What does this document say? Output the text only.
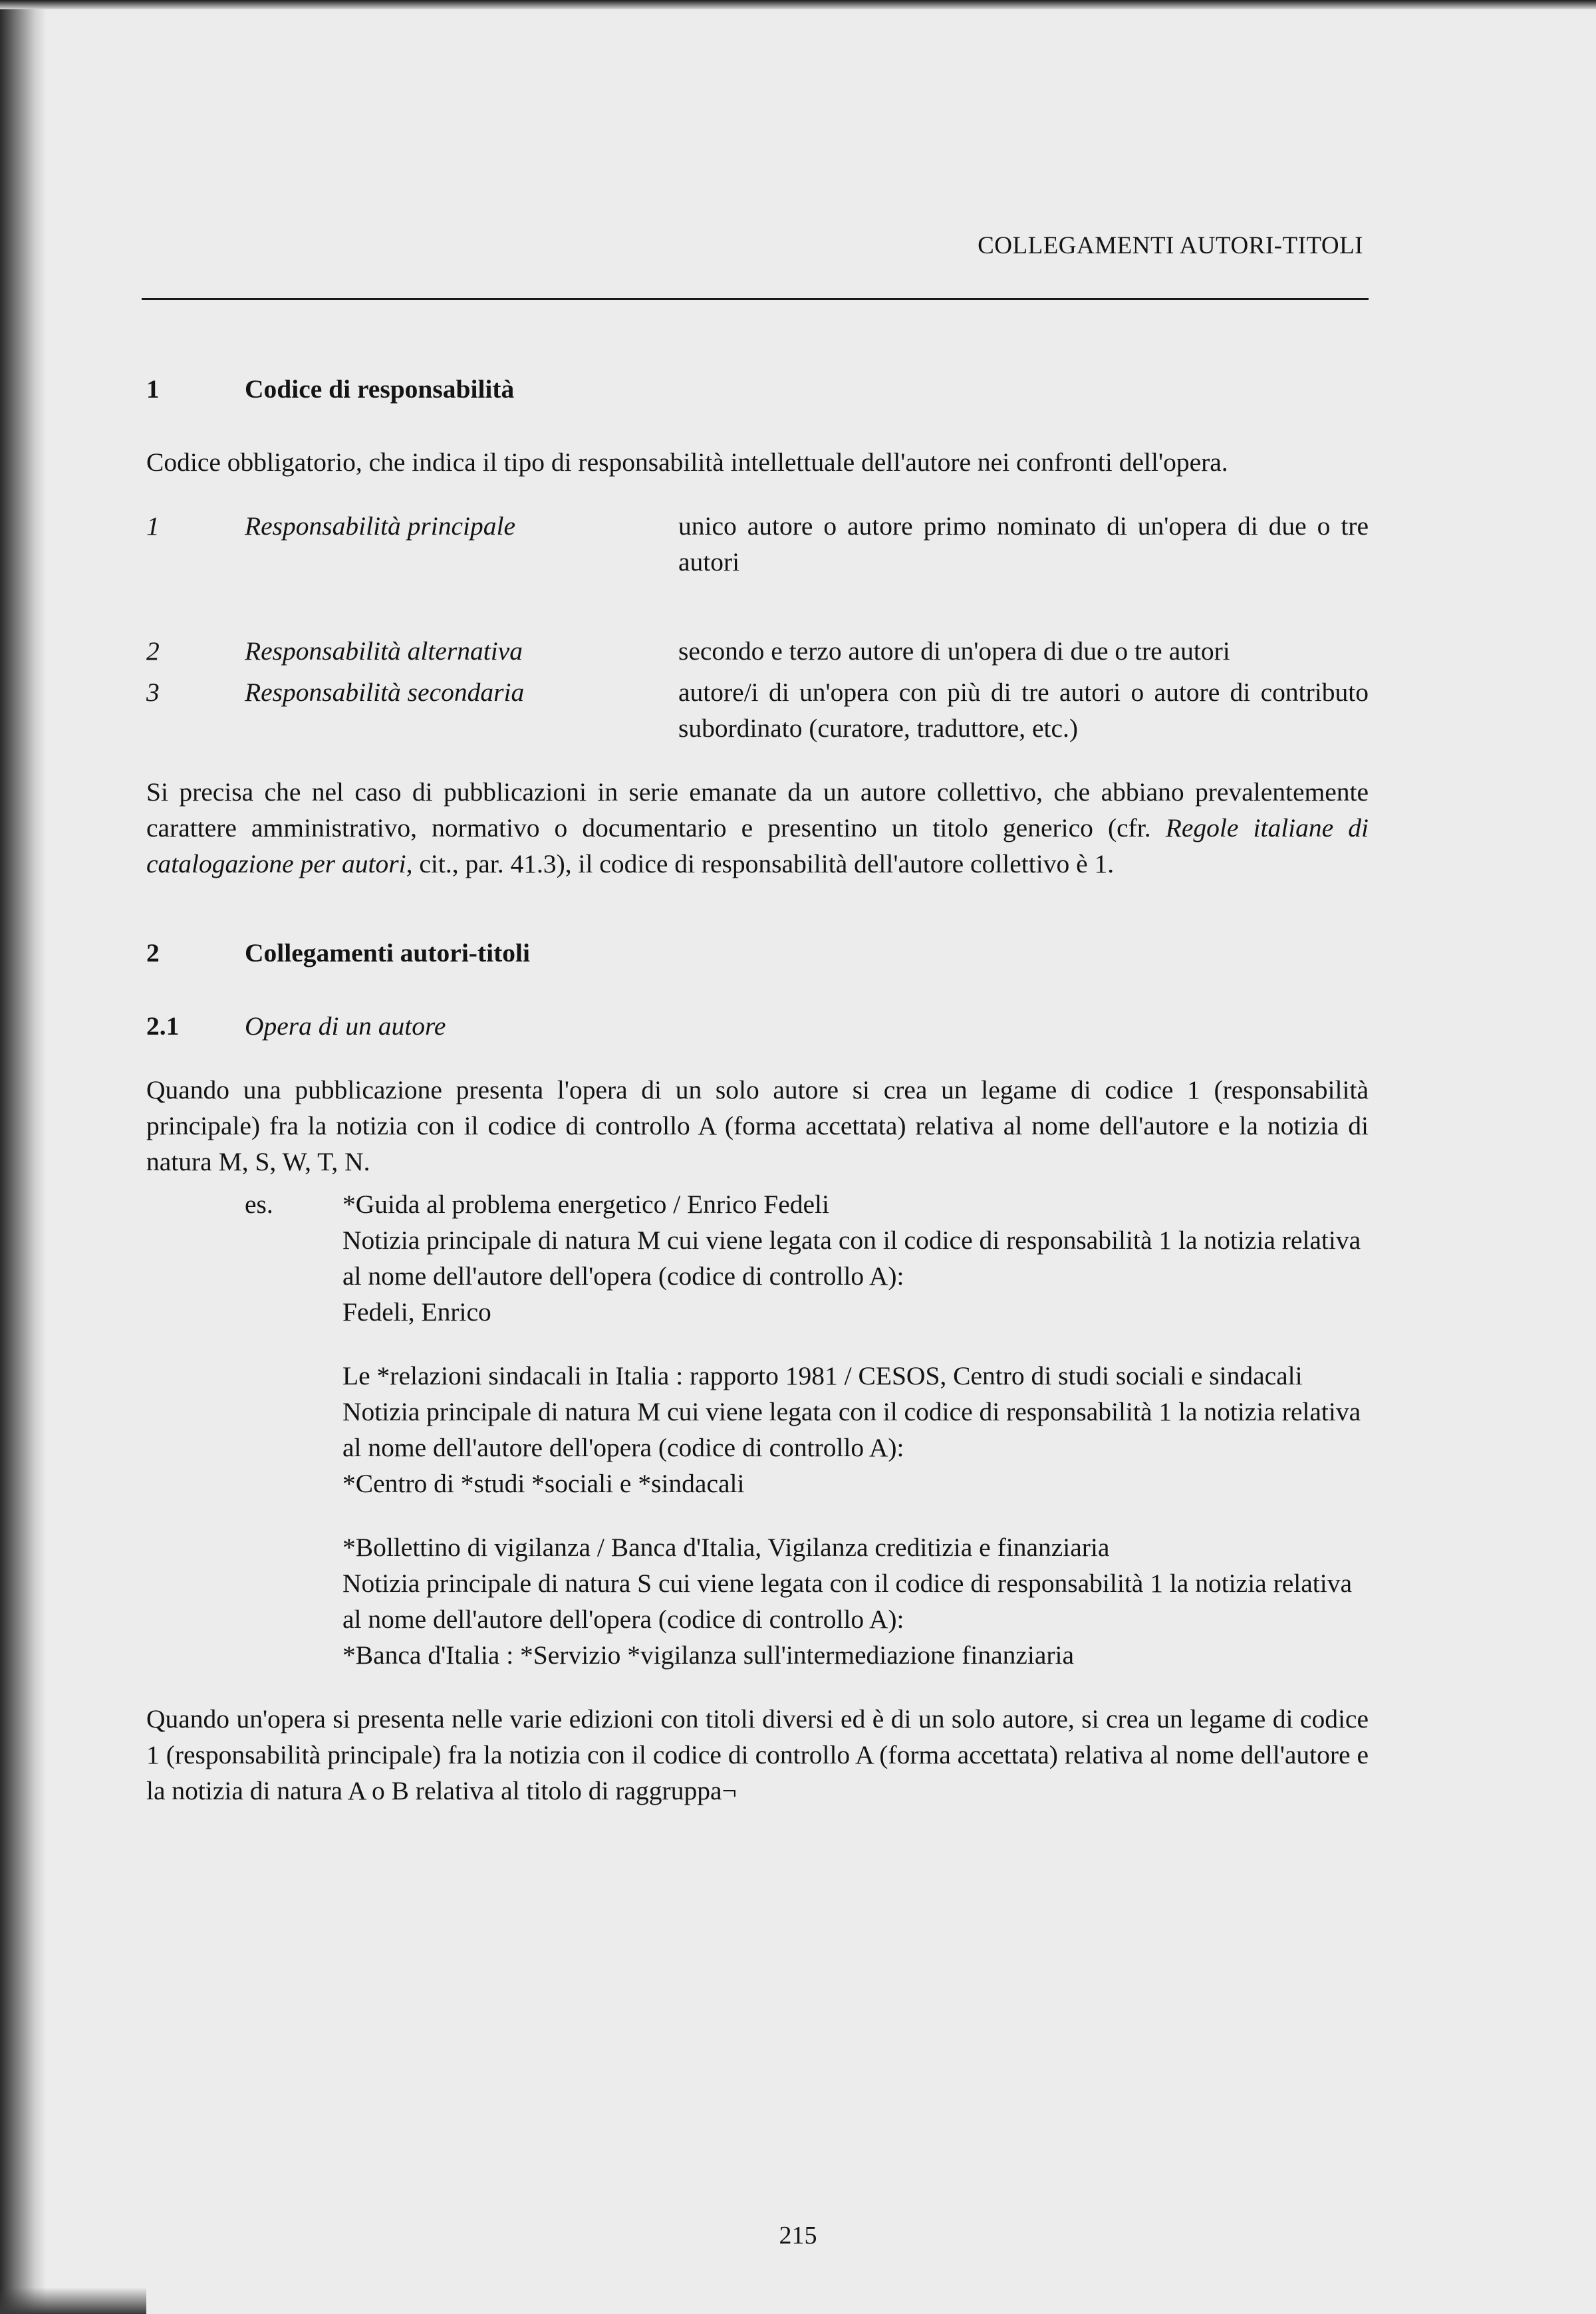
COLLEGAMENTI AUTORI-TITOLI
1	Codice di responsabilità

Codice obbligatorio, che indica il tipo di responsabilità intellettuale dell'autore nei confronti dell'opera.

1	Responsabilità principale	unico autore o autore primo nominato di un'opera di due o tre autori
2	Responsabilità alternativa	secondo e terzo autore di un'opera di due o tre autori
3	Responsabilità secondaria	autore/i di un'opera con più di tre autori o autore di contributo subordinato (curatore, traduttore, etc.)

Si precisa che nel caso di pubblicazioni in serie emanate da un autore collettivo, che abbiano prevalentemente carattere amministrativo, normativo o documentario e presentino un titolo generico (cfr. Regole italiane di catalogazione per autori, cit., par. 41.3), il codice di responsabilità dell'autore collettivo è 1.

2	Collegamenti autori-titoli
2.1	Opera di un autore

Quando una pubblicazione presenta l'opera di un solo autore si crea un legame di codice 1 (responsabilità principale) fra la notizia con il codice di controllo A (forma accettata) relativa al nome dell'autore e la notizia di natura M, S, W, T, N.

es.	*Guida al problema energetico / Enrico Fedeli

Notizia principale di natura M cui viene legata con il codice di responsabilità 1 la notizia relativa al nome dell'autore dell'opera (codice di controllo A):

Fedeli, Enrico

Le *relazioni sindacali in Italia : rapporto 1981 / CESOS, Centro di studi sociali e sindacali

Notizia principale di natura M cui viene legata con il codice di responsabilità 1 la notizia relativa al nome dell'autore dell'opera (codice di controllo A):

*Centro di *studi *sociali e *sindacali

*Bollettino di vigilanza / Banca d'Italia, Vigilanza creditizia e finanziaria

Notizia principale di natura S cui viene legata con il codice di responsabilità 1 la notizia relativa al nome dell'autore dell'opera (codice di controllo A):

*Banca d'Italia : *Servizio *vigilanza sull'intermediazione finanziaria

Quando un'opera si presenta nelle varie edizioni con titoli diversi ed è di un solo autore, si crea un legame di codice 1 (responsabilità principale) fra la notizia con il codice di controllo A (forma accettata) relativa al nome dell'autore e la notizia di natura A o B relativa al titolo di raggruppa¬

215
